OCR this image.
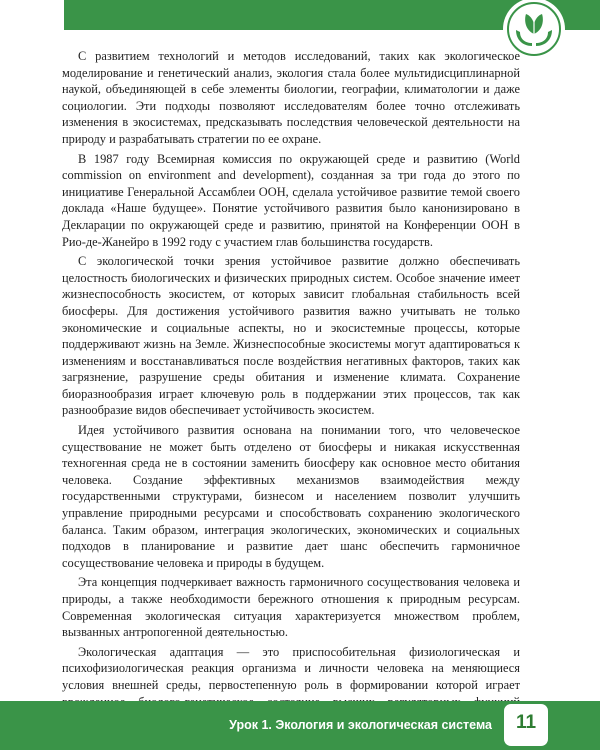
С развитием технологий и методов исследований, таких как экологическое моделирование и генетический анализ, экология стала более мультидисциплинарной наукой, объединяющей в себе элементы биологии, географии, климатологии и даже социологии. Эти подходы позволяют исследователям более точно отслеживать изменения в экосистемах, предсказывать последствия человеческой деятельности на природу и разрабатывать стратегии по ее охране.

В 1987 году Всемирная комиссия по окружающей среде и развитию (World commission on environment and development), созданная за три года до этого по инициативе Генеральной Ассамблеи ООН, сделала устойчивое развитие темой своего доклада «Наше будущее». Понятие устойчивого развития было канонизировано в Декларации по окружающей среде и развитию, принятой на Конференции ООН в Рио-де-Жанейро в 1992 году с участием глав большинства государств.

С экологической точки зрения устойчивое развитие должно обеспечивать целостность биологических и физических природных систем. Особое значение имеет жизнеспособность экосистем, от которых зависит глобальная стабильность всей биосферы. Для достижения устойчивого развития важно учитывать не только экономические и социальные аспекты, но и экосистемные процессы, которые поддерживают жизнь на Земле. Жизнеспособные экосистемы могут адаптироваться к изменениям и восстанавливаться после воздействия негативных факторов, таких как загрязнение, разрушение среды обитания и изменение климата. Сохранение биоразнообразия играет ключевую роль в поддержании этих процессов, так как разнообразие видов обеспечивает устойчивость экосистем.

Идея устойчивого развития основана на понимании того, что человеческое существование не может быть отделено от биосферы и никакая искусственная техногенная среда не в состоянии заменить биосферу как основное место обитания человека. Создание эффективных механизмов взаимодействия между государственными структурами, бизнесом и населением позволит улучшить управление природными ресурсами и способствовать сохранению экологического баланса. Таким образом, интеграция экологических, экономических и социальных подходов в планирование и развитие дает шанс обеспечить гармоничное сосуществование человека и природы в будущем.

Эта концепция подчеркивает важность гармоничного сосуществования человека и природы, а также необходимости бережного отношения к природным ресурсам. Современная экологическая ситуация характеризуется множеством проблем, вызванных антропогенной деятельностью.

Экологическая адаптация — это приспособительная физиологическая и психофизиологическая реакция организма и личности человека на меняющиеся условия внешней среды, первостепенную роль в формировании которой играет

Урок 1. Экология и экологическая система	11
